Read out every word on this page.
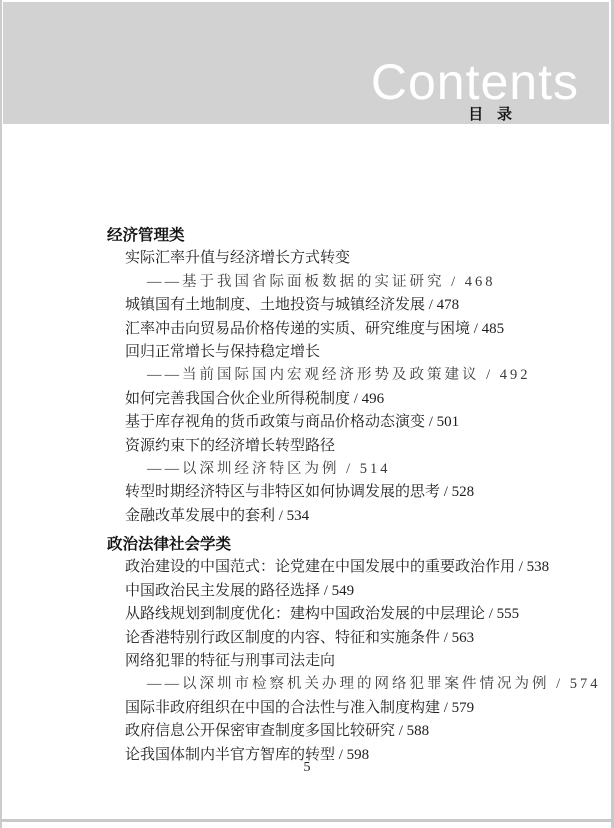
Contents
目 录
经济管理类
实际汇率升值与经济增长方式转变
——基于我国省际面板数据的实证研究 / 468
城镇国有土地制度、土地投资与城镇经济发展 / 478
汇率冲击向贸易品价格传递的实质、研究维度与困境 / 485
回归正常增长与保持稳定增长
——当前国际国内宏观经济形势及政策建议 / 492
如何完善我国合伙企业所得税制度 / 496
基于库存视角的货币政策与商品价格动态演变 / 501
资源约束下的经济增长转型路径
——以深圳经济特区为例 / 514
转型时期经济特区与非特区如何协调发展的思考 / 528
金融改革发展中的套利 / 534
政治法律社会学类
政治建设的中国范式：论党建在中国发展中的重要政治作用 / 538
中国政治民主发展的路径选择 / 549
从路线规划到制度优化：建构中国政治发展的中层理论 / 555
论香港特别行政区制度的内容、特征和实施条件 / 563
网络犯罪的特征与刑事司法走向
——以深圳市检察机关办理的网络犯罪案件情况为例 / 574
国际非政府组织在中国的合法性与准入制度构建 / 579
政府信息公开保密审查制度多国比较研究 / 588
论我国体制内半官方智库的转型 / 598
5
